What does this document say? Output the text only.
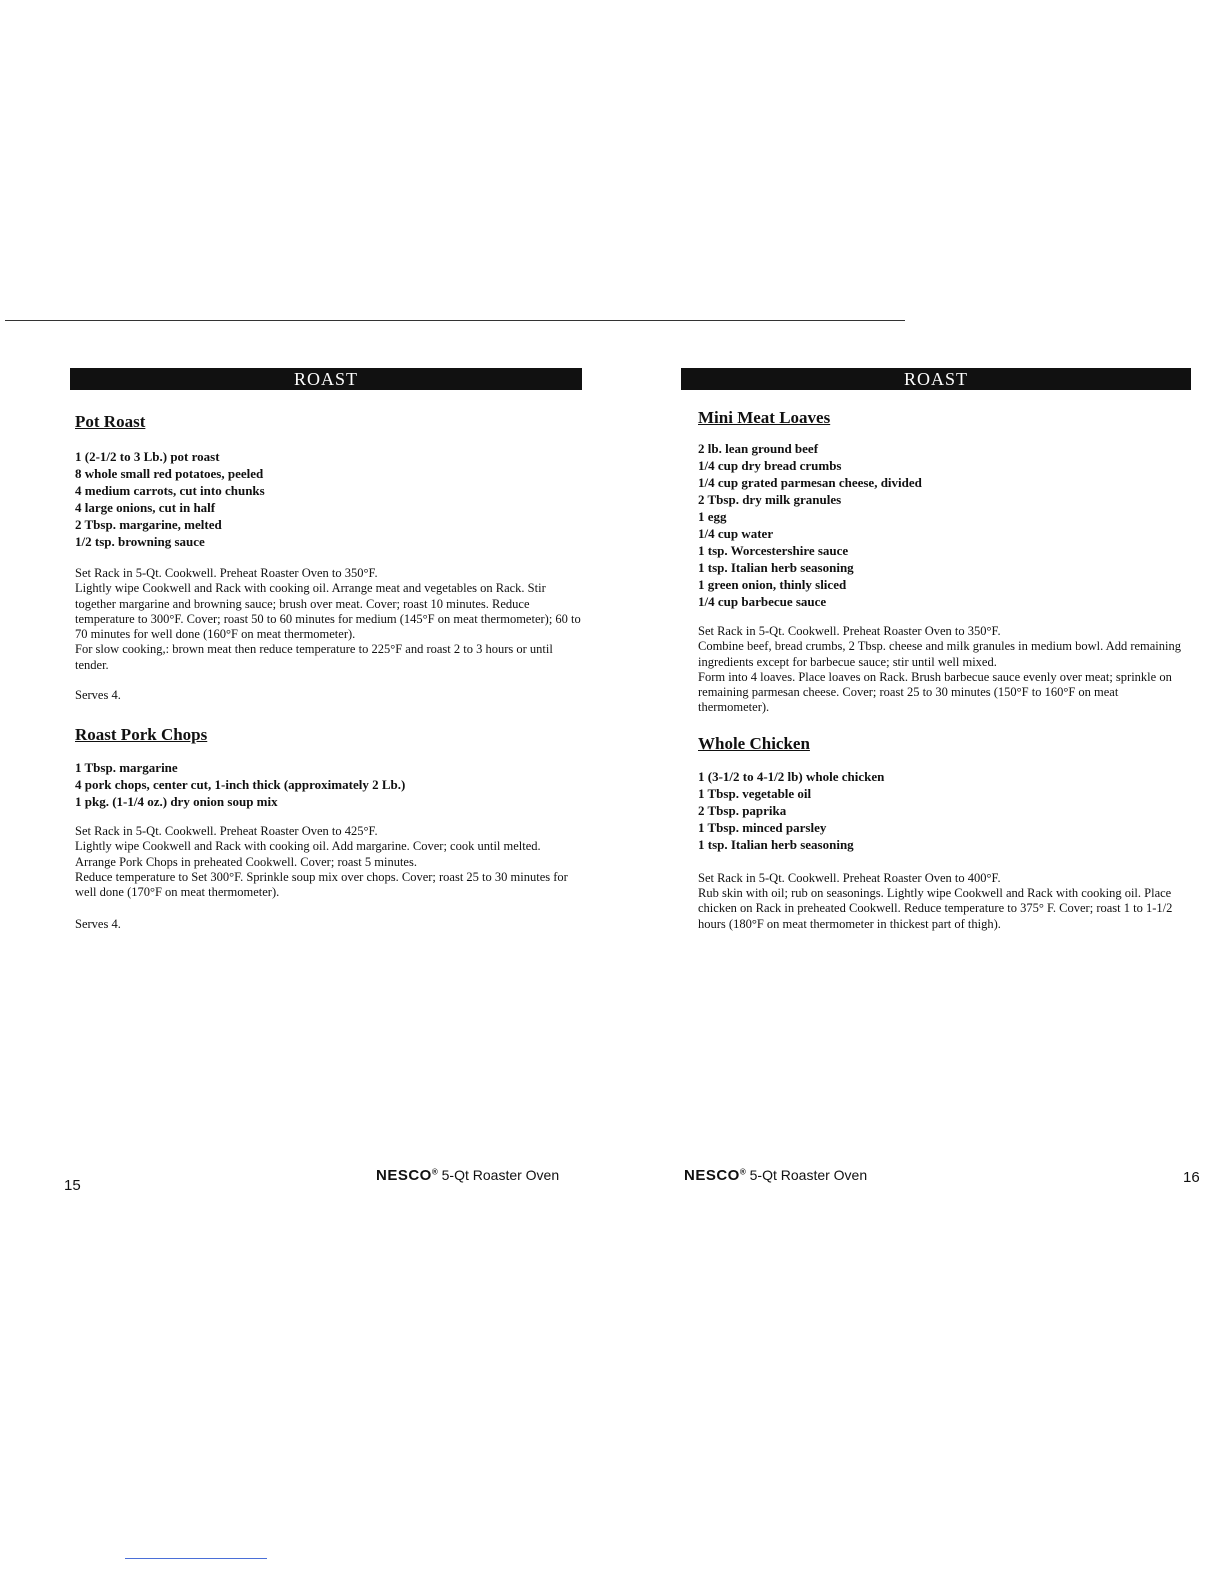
ROAST
Pot Roast
1 (2-1/2 to 3 Lb.) pot roast
8 whole small red potatoes, peeled
4 medium carrots, cut into chunks
4 large onions, cut in half
2 Tbsp. margarine, melted
1/2 tsp. browning sauce

Set Rack in 5-Qt. Cookwell. Preheat Roaster Oven to 350°F.

Lightly wipe Cookwell and Rack with cooking oil. Arrange meat and vegetables on Rack. Stir together margarine and browning sauce; brush over meat. Cover; roast 10 minutes. Reduce temperature to 300°F. Cover; roast 50 to 60 minutes for medium (145°F on meat thermometer); 60 to 70 minutes for well done (160°F on meat thermometer).

For slow cooking,: brown meat then reduce temperature to 225°F and roast 2 to 3 hours or until tender.

Serves 4.

Roast Pork Chops
1 Tbsp. margarine
4 pork chops, center cut, 1-inch thick (approximately 2 Lb.)
1 pkg. (1-1/4 oz.) dry onion soup mix

Set Rack in 5-Qt. Cookwell. Preheat Roaster Oven to 425°F.

Lightly wipe Cookwell and Rack with cooking oil. Add margarine. Cover; cook until melted.

Arrange Pork Chops in preheated Cookwell. Cover; roast 5 minutes.

Reduce temperature to Set 300°F. Sprinkle soup mix over chops. Cover; roast 25 to 30 minutes for well done (170°F on meat thermometer).

Serves 4.

ROAST
Mini Meat Loaves
2 lb. lean ground beef
1/4 cup dry bread crumbs
1/4 cup grated parmesan cheese, divided
2 Tbsp. dry milk granules
1 egg
1/4 cup water
1 tsp. Worcestershire sauce
1 tsp. Italian herb seasoning
1 green onion, thinly sliced
1/4 cup barbecue sauce

Set Rack in 5-Qt. Cookwell. Preheat Roaster Oven to 350°F.

Combine beef, bread crumbs, 2 Tbsp. cheese and milk granules in medium bowl. Add remaining ingredients except for barbecue sauce; stir until well mixed.

Form into 4 loaves. Place loaves on Rack. Brush barbecue sauce evenly over meat; sprinkle on remaining parmesan cheese. Cover; roast 25 to 30 minutes (150°F to 160°F on meat thermometer).

Whole Chicken
1 (3-1/2 to 4-1/2 lb) whole chicken
1 Tbsp. vegetable oil
2 Tbsp. paprika
1 Tbsp. minced parsley
1 tsp. Italian herb seasoning

Set Rack in 5-Qt. Cookwell. Preheat Roaster Oven to 400°F.

Rub skin with oil; rub on seasonings. Lightly wipe Cookwell and Rack with cooking oil. Place chicken on Rack in preheated Cookwell. Reduce temperature to 375° F. Cover; roast 1 to 1-1/2 hours (180°F on meat thermometer in thickest part of thigh).

15
NESCO® 5-Qt Roaster Oven	NESCO® 5-Qt Roaster Oven	16
